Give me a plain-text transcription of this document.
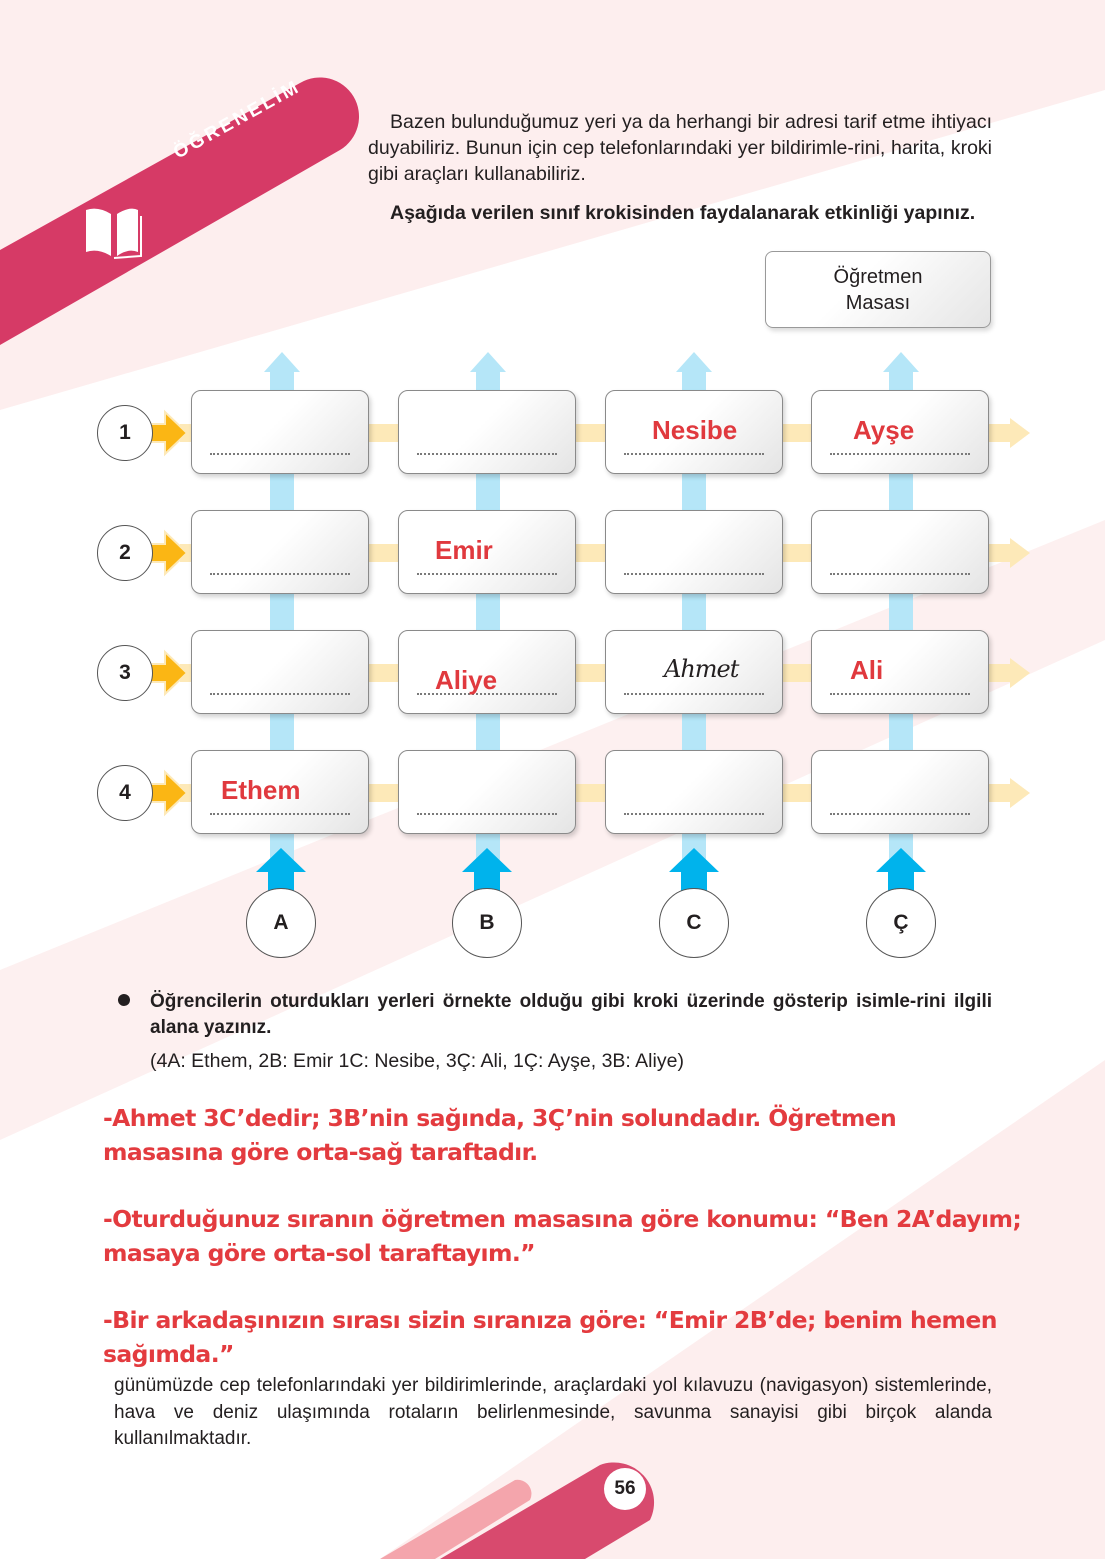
ÖĞRENELİM	Bazen bulunduğumuz yeri ya da herhangi bir adresi tarif etme ihtiyacı duyabiliriz. Bunun için cep telefonlarındaki yer bildirimle-rini, harita, kroki gibi araçları kullanabiliriz.
Aşağıda verilen sınıf krokisinden faydalanarak etkinliği yapınız.
Öğretmen
Masası
1	Nesibe	Ayşe
2	Emir
3	Aliye	Ahmet	Ali
4	Ethem
A	B	C	Ç
Öğrencilerin oturdukları yerleri örnekte olduğu gibi kroki üzerinde gösterip isimle-rini ilgili alana yazınız.
(4A: Ethem, 2B: Emir 1C: Nesibe, 3Ç: Ali, 1Ç: Ayşe, 3B: Aliye)
-Ahmet 3C’dedir; 3B’nin sağında, 3Ç’nin solundadır. Öğretmen masasına göre orta-sağ taraftadır.
-Oturduğunuz sıranın öğretmen masasına göre konumu: “Ben 2A’dayım; masaya göre orta-sol taraftayım.”
-Bir arkadaşınızın sırası sizin sıranıza göre: “Emir 2B’de; benim hemen sağımda.”
günümüzde cep telefonlarındaki yer bildirimlerinde, araçlardaki yol kılavuzu (navigasyon) sistemlerinde, hava ve deniz ulaşımında rotaların belirlenmesinde, savunma sanayisi gibi birçok alanda kullanılmaktadır.
56
